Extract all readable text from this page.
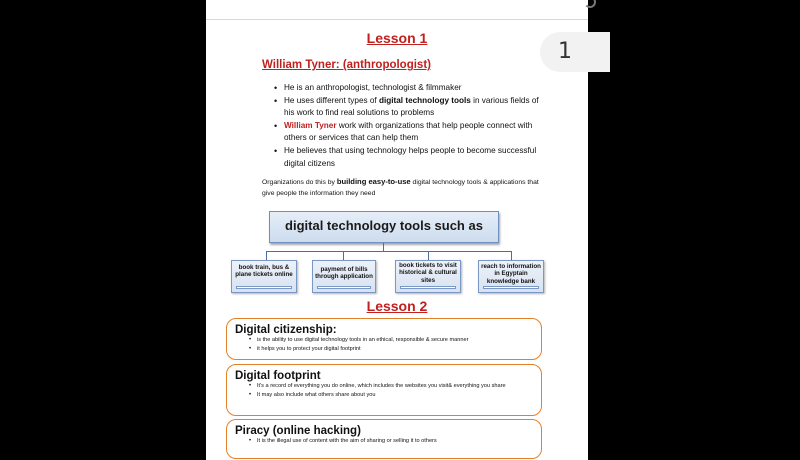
Lesson 1
William Tyner: (anthropologist)
• He is an anthropologist, technologist & filmmaker
• He uses different types of digital technology tools in various fields of his work to find real solutions to problems
• William Tyner work with organizations that help people connect with others or services that can help them
• He believes that using technology helps people to become successful digital citizens
Organizations do this by building easy-to-use digital technology tools & applications that give people the information they need
digital technology tools such as
book train, bus & plane tickets online
payment of bills through application
book tickets to visit historical & cultural sites
reach to information in Egyptain knowledge bank
Lesson 2
Digital citizenship:
• is the ability to use digital technology tools in an ethical, responsible & secure manner
• it helps you to protect your digital footprint
Digital footprint
• It's a record of everything you do online, which includes the websites you visit& everything you share
• It may also include what others share about you
Piracy (online hacking)
• It is the illegal use of content with the aim of sharing or selling it to others
1
